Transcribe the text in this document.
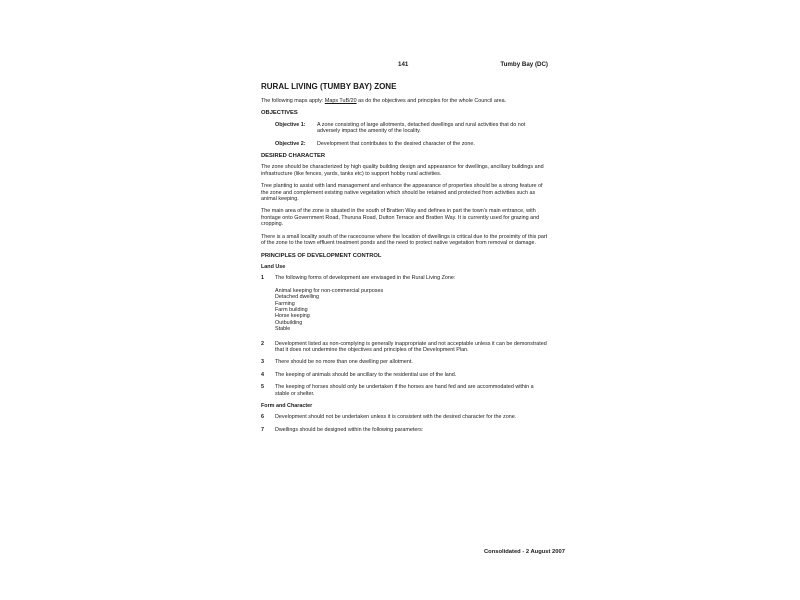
141	Tumby Bay (DC)
RURAL LIVING (TUMBY BAY) ZONE

The following maps apply: Maps TuB/20 as do the objectives and principles for the whole Council area.

OBJECTIVES
Objective 1:	A zone consisting of large allotments, detached dwellings and rural activities that do not adversely impact the amenity of the locality.
Objective 2:	Development that contributes to the desired character of the zone.
DESIRED CHARACTER

The zone should be characterized by high quality building design and appearance for dwellings, ancillary buildings and infrastructure (like fences, yards, tanks etc) to support hobby rural activities.

Tree planting to assist with land management and enhance the appearance of properties should be a strong feature of the zone and complement existing native vegetation which should be retained and protected from activities such as animal keeping.

The main area of the zone is situated in the south of Bratten Way and defines in part the town's main entrance, with frontage onto Government Road, Thuruna Road, Dutton Terrace and Bratten Way. It is currently used for grazing and cropping.

There is a small locality south of the racecourse where the location of dwellings is critical due to the proximity of this part of the zone to the town effluent treatment ponds and the need to protect native vegetation from removal or damage.

PRINCIPLES OF DEVELOPMENT CONTROL
Land Use
1	The following forms of development are envisaged in the Rural Living Zone:
Animal keeping for non-commercial purposes
Detached dwelling
Farming
Farm building
Horse keeping
Outbuilding
Stable
2	Development listed as non-complying is generally inappropriate and not acceptable unless it can be demonstrated that it does not undermine the objectives and principles of the Development Plan.
3	There should be no more than one dwelling per allotment.
4	The keeping of animals should be ancillary to the residential use of the land.
5	The keeping of horses should only be undertaken if the horses are hand fed and are accommodated within a stable or shelter.
Form and Character
6	Development should not be undertaken unless it is consistent with the desired character for the zone.
7	Dwellings should be designed within the following parameters:
Consolidated - 2 August 2007
